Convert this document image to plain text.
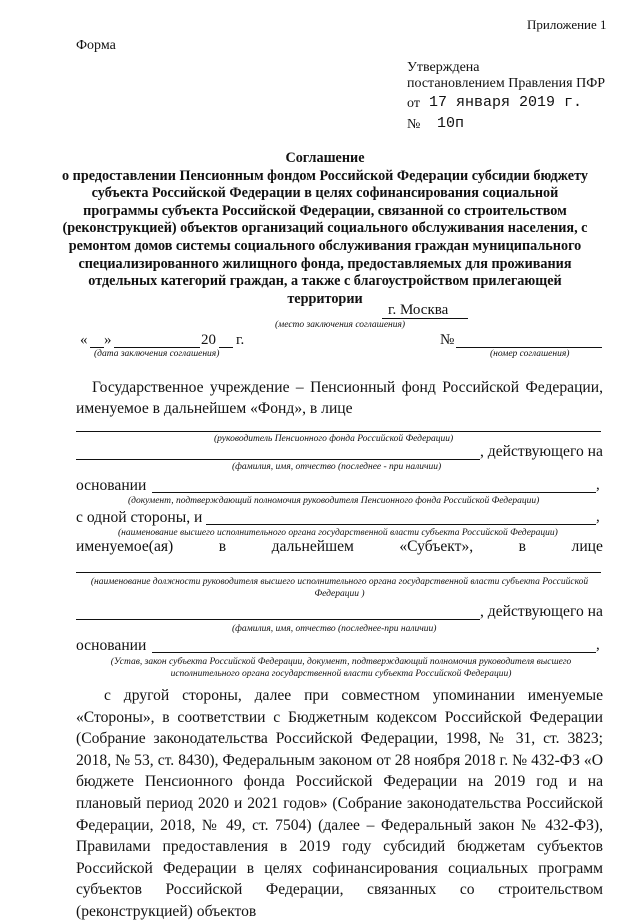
Приложение 1
Форма
Утверждена
постановлением Правления ПФР
от 17 января 2019 г.
№ 10п
Соглашение
о предоставлении Пенсионным фондом Российской Федерации субсидии бюджету субъекта Российской Федерации в целях софинансирования социальной программы субъекта Российской Федерации, связанной со строительством (реконструкцией) объектов организаций социального обслуживания населения, с ремонтом домов системы социального обслуживания граждан муниципального специализированного жилищного фонда, предоставляемых для проживания отдельных категорий граждан, а также с благоустройством прилегающей территории
г. Москва
(место заключения соглашения)
« »	20 г.
(дата заключения соглашения)
№
(номер соглашения)
Государственное учреждение – Пенсионный фонд Российской Федерации, именуемое в дальнейшем «Фонд», в лице
(руководитель Пенсионного фонда Российской Федерации)
, действующего на
(фамилия, имя, отчество (последнее - при наличии)
основании	,
(документ, подтверждающий полномочия руководителя Пенсионного фонда Российской Федерации)
с одной стороны, и	,
(наименование высшего исполнительного органа государственной власти субъекта Российской Федерации)
именуемое(ая)	в	дальнейшем	«Субъект»,	в	лице
(наименование должности руководителя высшего исполнительного органа государственной власти субъекта Российской Федерации )
, действующего на
(фамилия, имя, отчество (последнее-при наличии)
основании	,
(Устав, закон субъекта Российской Федерации, документ, подтверждающий полномочия руководителя высшего исполнительного органа государственной власти субъекта Российской Федерации)
с другой стороны, далее при совместном упоминании именуемые «Стороны», в соответствии с Бюджетным кодексом Российской Федерации (Собрание законодательства Российской Федерации, 1998, № 31, ст. 3823; 2018, № 53, ст. 8430), Федеральным законом от 28 ноября 2018 г. № 432-ФЗ «О бюджете Пенсионного фонда Российской Федерации на 2019 год и на плановый период 2020 и 2021 годов» (Собрание законодательства Российской Федерации, 2018, № 49, ст. 7504) (далее – Федеральный закон № 432-ФЗ), Правилами предоставления в 2019 году субсидий бюджетам субъектов Российской Федерации в целях софинансирования социальных программ субъектов Российской Федерации, связанных со строительством (реконструкцией) объектов
